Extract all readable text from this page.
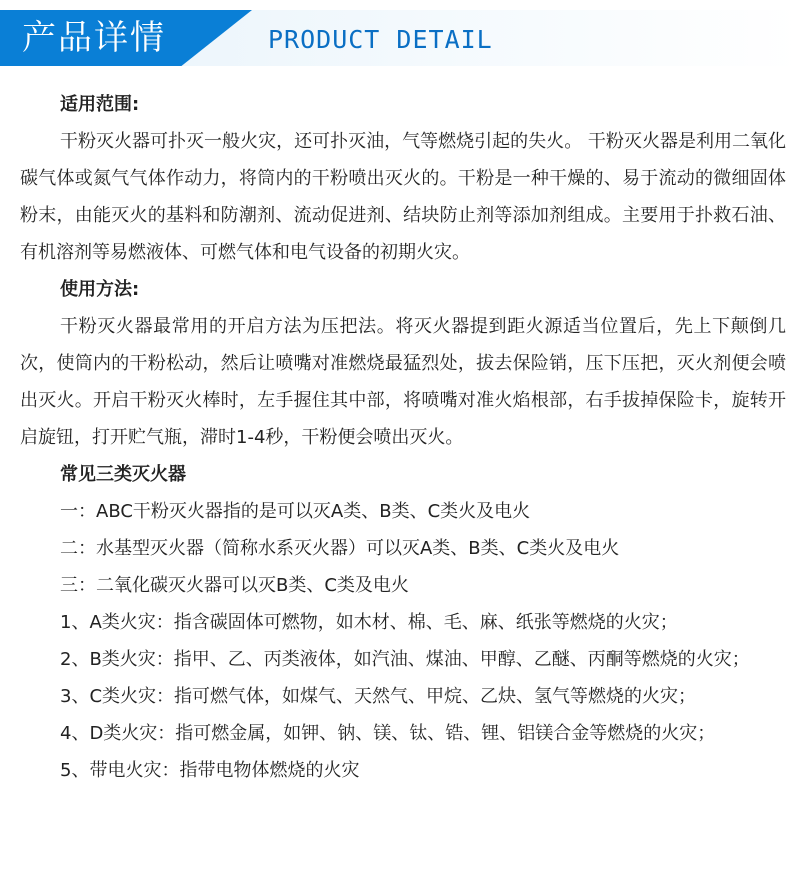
产品详情	PRODUCT DETAIL
适用范围:
干粉灭火器可扑灭一般火灾，还可扑灭油，气等燃烧引起的失火。 干粉灭火器是利用二氧化碳气体或氮气气体作动力，将筒内的干粉喷出灭火的。干粉是一种干燥的、易于流动的微细固体粉末，由能灭火的基料和防潮剂、流动促进剂、结块防止剂等添加剂组成。主要用于扑救石油、有机溶剂等易燃液体、可燃气体和电气设备的初期火灾。
使用方法:
干粉灭火器最常用的开启方法为压把法。将灭火器提到距火源适当位置后，先上下颠倒几次，使筒内的干粉松动，然后让喷嘴对准燃烧最猛烈处，拔去保险销，压下压把，灭火剂便会喷出灭火。开启干粉灭火棒时，左手握住其中部，将喷嘴对准火焰根部，右手拔掉保险卡，旋转开启旋钮，打开贮气瓶，滞时1-4秒，干粉便会喷出灭火。
常见三类灭火器
一：ABC干粉灭火器指的是可以灭A类、B类、C类火及电火
二：水基型灭火器（简称水系灭火器）可以灭A类、B类、C类火及电火
三：二氧化碳灭火器可以灭B类、C类及电火
1、A类火灾：指含碳固体可燃物，如木材、棉、毛、麻、纸张等燃烧的火灾；
2、B类火灾：指甲、乙、丙类液体，如汽油、煤油、甲醇、乙醚、丙酮等燃烧的火灾；
3、C类火灾：指可燃气体，如煤气、天然气、甲烷、乙炔、氢气等燃烧的火灾；
4、D类火灾：指可燃金属，如钾、钠、镁、钛、锆、锂、铝镁合金等燃烧的火灾；
5、带电火灾：指带电物体燃烧的火灾
